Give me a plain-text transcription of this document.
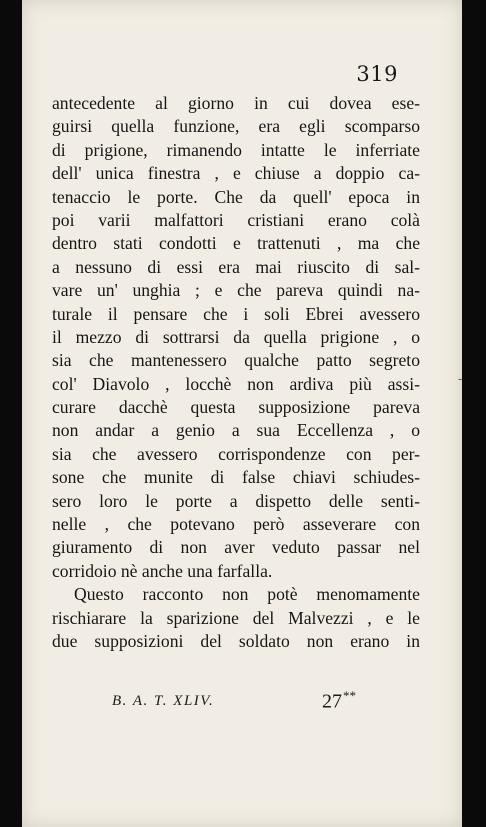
319
antecedente al giorno in cui dovea ese-
guirsi quella funzione, era egli scomparso
di prigione, rimanendo intatte le inferriate
dell' unica finestra , e chiuse a doppio ca-
tenaccio le porte. Che da quell' epoca in
poi varii malfattori cristiani erano colà
dentro stati condotti e trattenuti , ma che
a nessuno di essi era mai riuscito di sal-
vare un' unghia ; e che pareva quindi na-
turale il pensare che i soli Ebrei avessero
il mezzo di sottrarsi da quella prigione , o
sia che mantenessero qualche patto segreto
col' Diavolo , locchè non ardiva più assi-
curare dacchè questa supposizione pareva
non andar a genio a sua Eccellenza , o
sia che avessero corrispondenze con per-
sone che munite di false chiavi schiudes-
sero loro le porte a dispetto delle senti-
nelle , che potevano però asseverare con
giuramento di non aver veduto passar nel
corridoio nè anche una farfalla.
Questo racconto non potè menomamente
rischiarare la sparizione del Malvezzi , e le
due supposizioni del soldato non erano in
B. A. T. XLIV.	27**
-
